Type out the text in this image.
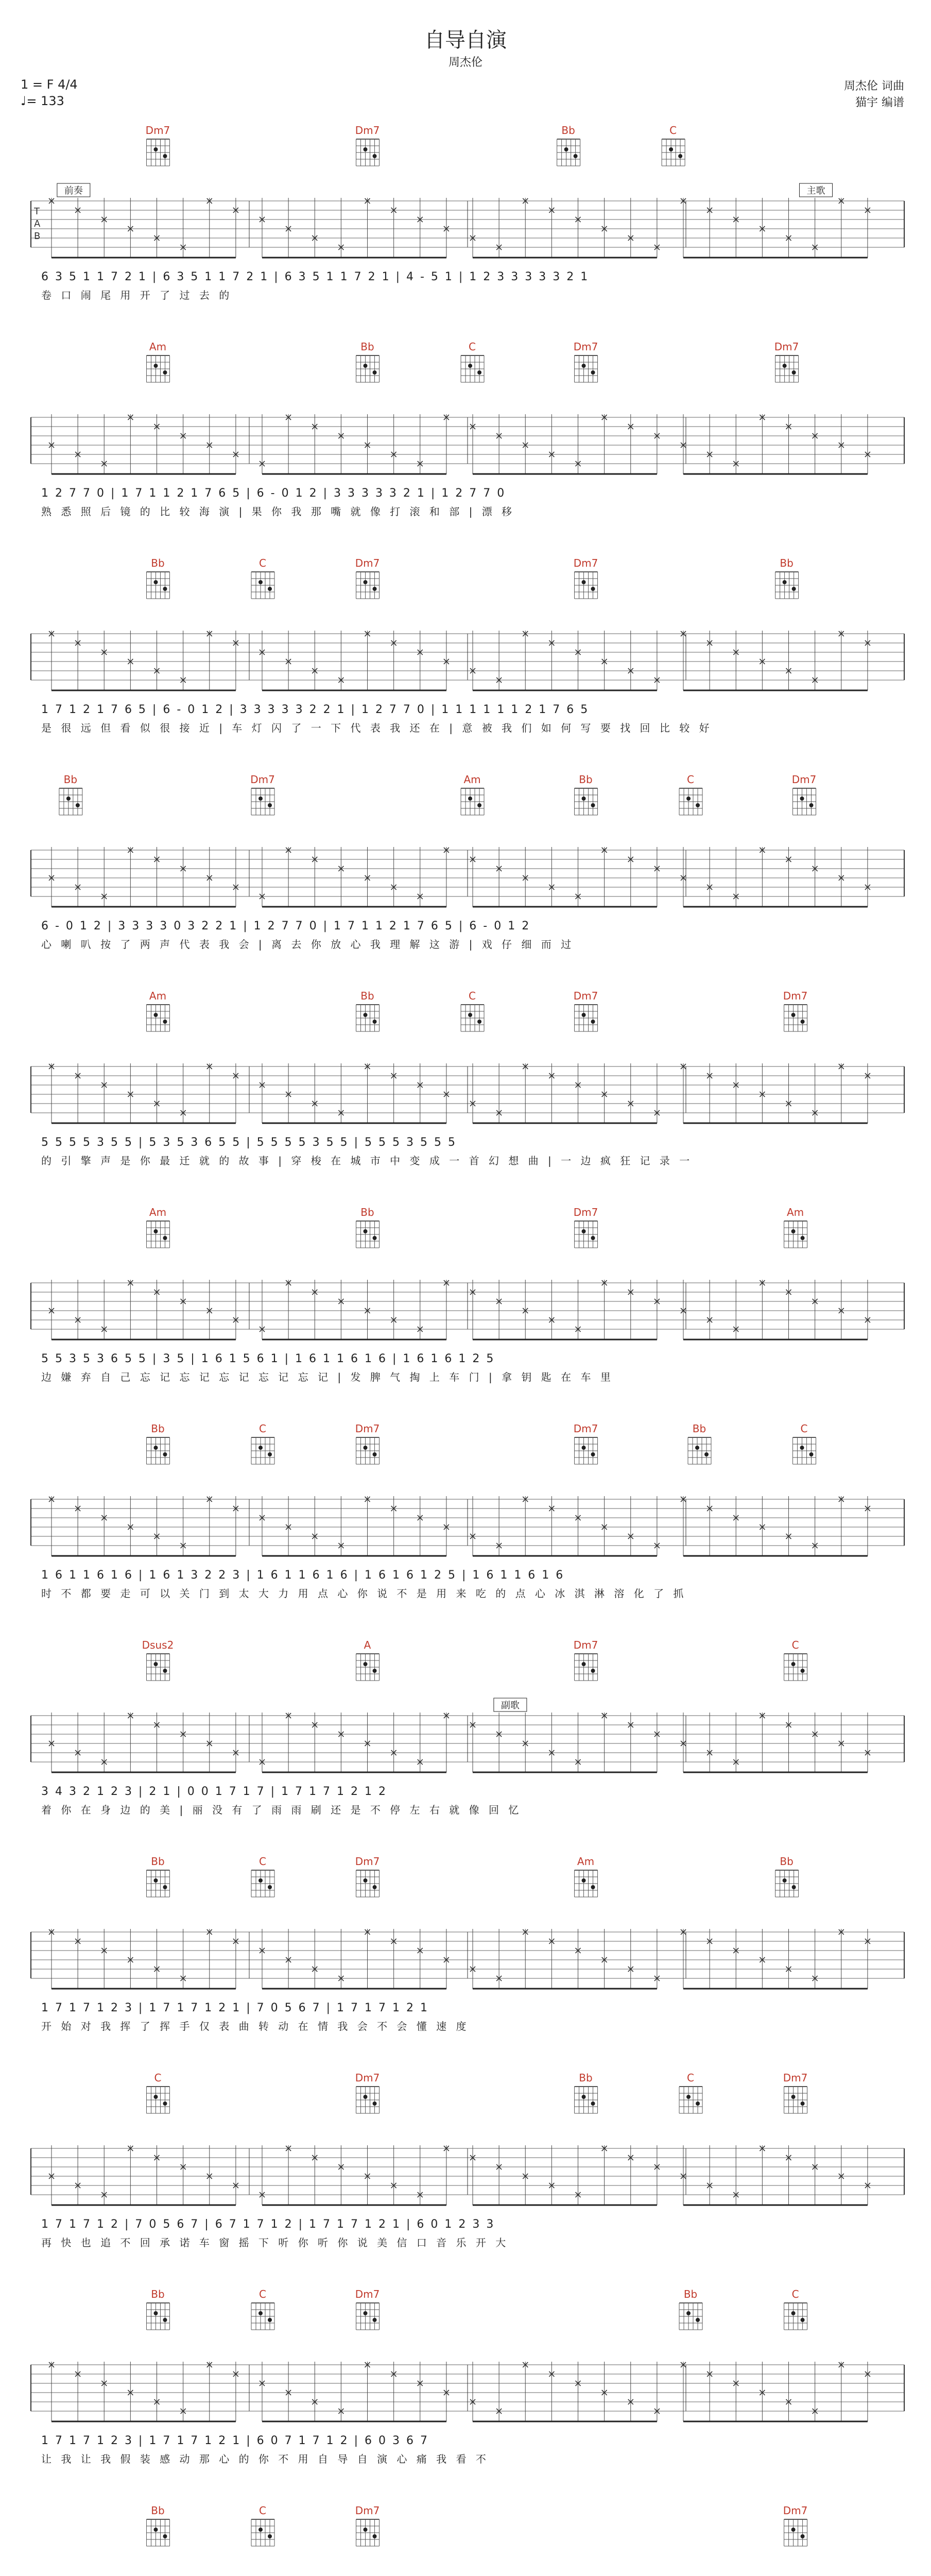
自导自演
周杰伦
1 = F 4/4
♩= 133
周杰伦 词曲
猫宇 编谱
Dm7	Dm7	Bb	C
前奏	主歌
T
A
B
6 3 5 1 1 7 2 1 | 6 3 5 1 1 7 2 1 | 6 3 5 1 1 7 2 1 | 4 - 5 1 | 1 2 3 3 3 3 3 2 1
卷 口 闹 尾 用 开 了 过 去 的
Am	Bb	C	Dm7	Dm7
1 2 7 7 0 | 1 7 1 1 2 1 7 6 5 | 6 - 0 1 2 | 3 3 3 3 3 2 1 | 1 2 7 7 0
熟 悉 照 后 镜 的 比 较 海 演 | 果 你 我 那 嘴 就 像 打 滚 和 部 | 漂 移
Bb	C	Dm7	Dm7	Bb
1 7 1 2 1 7 6 5 | 6 - 0 1 2 | 3 3 3 3 3 2 2 1 | 1 2 7 7 0 | 1 1 1 1 1 1 2 1 7 6 5
是 很 远 但 看 似 很 接 近 | 车 灯 闪 了 一 下 代 表 我 还 在 | 意 被 我 们 如 何 写 要 找 回 比 较 好
Bb	Dm7	Am	Bb	C	Dm7
6 - 0 1 2 | 3 3 3 3 0 3 2 2 1 | 1 2 7 7 0 | 1 7 1 1 2 1 7 6 5 | 6 - 0 1 2
心 喇 叭 按 了 两 声 代 表 我 会 | 离 去 你 放 心 我 理 解 这 游 | 戏 仔 细 而 过
Am	Bb	C	Dm7	Dm7
5 5 5 5 3 5 5 | 5 3 5 3 6 5 5 | 5 5 5 5 3 5 5 | 5 5 5 3 5 5 5
的 引 擎 声 是 你 最 迁 就 的 故 事 | 穿 梭 在 城 市 中 变 成 一 首 幻 想 曲 | 一 边 疯 狂 记 录 一
Am	Bb	Dm7	Am
5 5 3 5 3 6 5 5 | 3 5 | 1 6 1 5 6 1 | 1 6 1 1 6 1 6 | 1 6 1 6 1 2 5
边 嫌 弃 自 己 忘 记 忘 记 忘 记 忘 记 忘 记 | 发 脾 气 掏 上 车 门 | 拿 钥 匙 在 车 里
Bb	C	Dm7	Dm7	Bb	C
1 6 1 1 6 1 6 | 1 6 1 3 2 2 3 | 1 6 1 1 6 1 6 | 1 6 1 6 1 2 5 | 1 6 1 1 6 1 6
时 不 都 要 走 可 以 关 门 到 太 大 力 用 点 心 你 说 不 是 用 来 吃 的 点 心 冰 淇 淋 溶 化 了 抓
Dsus2	A	Dm7	C
副歌
3 4 3 2 1 2 3 | 2 1 | 0 0 1 7 1 7 | 1 7 1 7 1 2 1 2
着 你 在 身 边 的 美 | 丽 没 有 了 雨 雨 刷 还 是 不 停 左 右 就 像 回 忆
Bb	C	Dm7	Am	Bb
1 7 1 7 1 2 3 | 1 7 1 7 1 2 1 | 7 0 5 6 7 | 1 7 1 7 1 2 1
开 始 对 我 挥 了 挥 手 仅 表 曲 转 动 在 情 我 会 不 会 懂 速 度
C	Dm7	Bb	C	Dm7
1 7 1 7 1 2 | 7 0 5 6 7 | 6 7 1 7 1 2 | 1 7 1 7 1 2 1 | 6 0 1 2 3 3
再 快 也 追 不 回 承 诺 车 窗 摇 下 听 你 听 你 说 美 信 口 音 乐 开 大
Bb	C	Dm7	Bb	C
1 7 1 7 1 2 3 | 1 7 1 7 1 2 1 | 6 0 7 1 7 1 2 | 6 0 3 6 7
让 我 让 我 假 装 感 动 那 心 的 你 不 用 自 导 自 演 心 痛 我 看 不
Bb	C	Dm7	Dm7
